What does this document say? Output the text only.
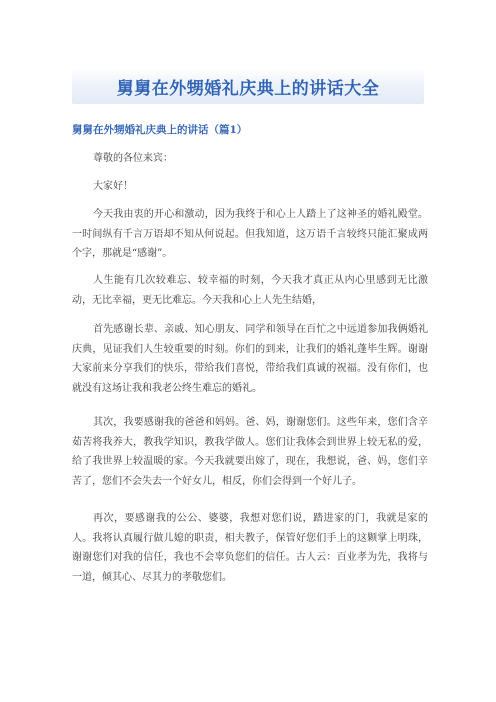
舅舅在外甥婚礼庆典上的讲话大全
舅舅在外甥婚礼庆典上的讲话（篇1）

尊敬的各位来宾：

大家好！

今天我由衷的开心和激动，因为我终于和心上人踏上了这神圣的婚礼殿堂。一时间纵有千言万语却不知从何说起。但我知道，这万语千言较终只能汇聚成两个字，那就是“感谢”。

人生能有几次较难忘、较幸福的时刻，今天我才真正从内心里感到无比激动，无比幸福，更无比难忘。今天我和心上人先生结婚，

首先感谢长辈、亲戚、知心朋友、同学和领导在百忙之中远道参加我俩婚礼庆典，见证我们人生较重要的时刻。你们的到来，让我们的婚礼蓬毕生辉。谢谢大家前来分享我们的快乐，带给我们喜悦，带给我们真诚的祝福。没有你们，也就没有这场让我和我老公终生难忘的婚礼。

其次，我要感谢我的爸爸和妈妈。爸、妈，谢谢您们。这些年来，您们含辛茹苦将我养大，教我学知识，教我学做人。您们让我体会到世界上较无私的爱，给了我世界上较温暖的家。今天我就要出嫁了，现在，我想说，爸、妈，您们辛苦了，您们不会失去一个好女儿，相反，你们会得到一个好儿子。

再次，要感谢我的公公、婆婆，我想对您们说，踏进家的门，我就是家的人。我将认真履行做儿媳的职责，相夫教子，保管好您们手上的这颗掌上明珠，谢谢您们对我的信任，我也不会辜负您们的信任。古人云：百业孝为先，我将与一道，倾其心、尽其力的孝敬您们。
